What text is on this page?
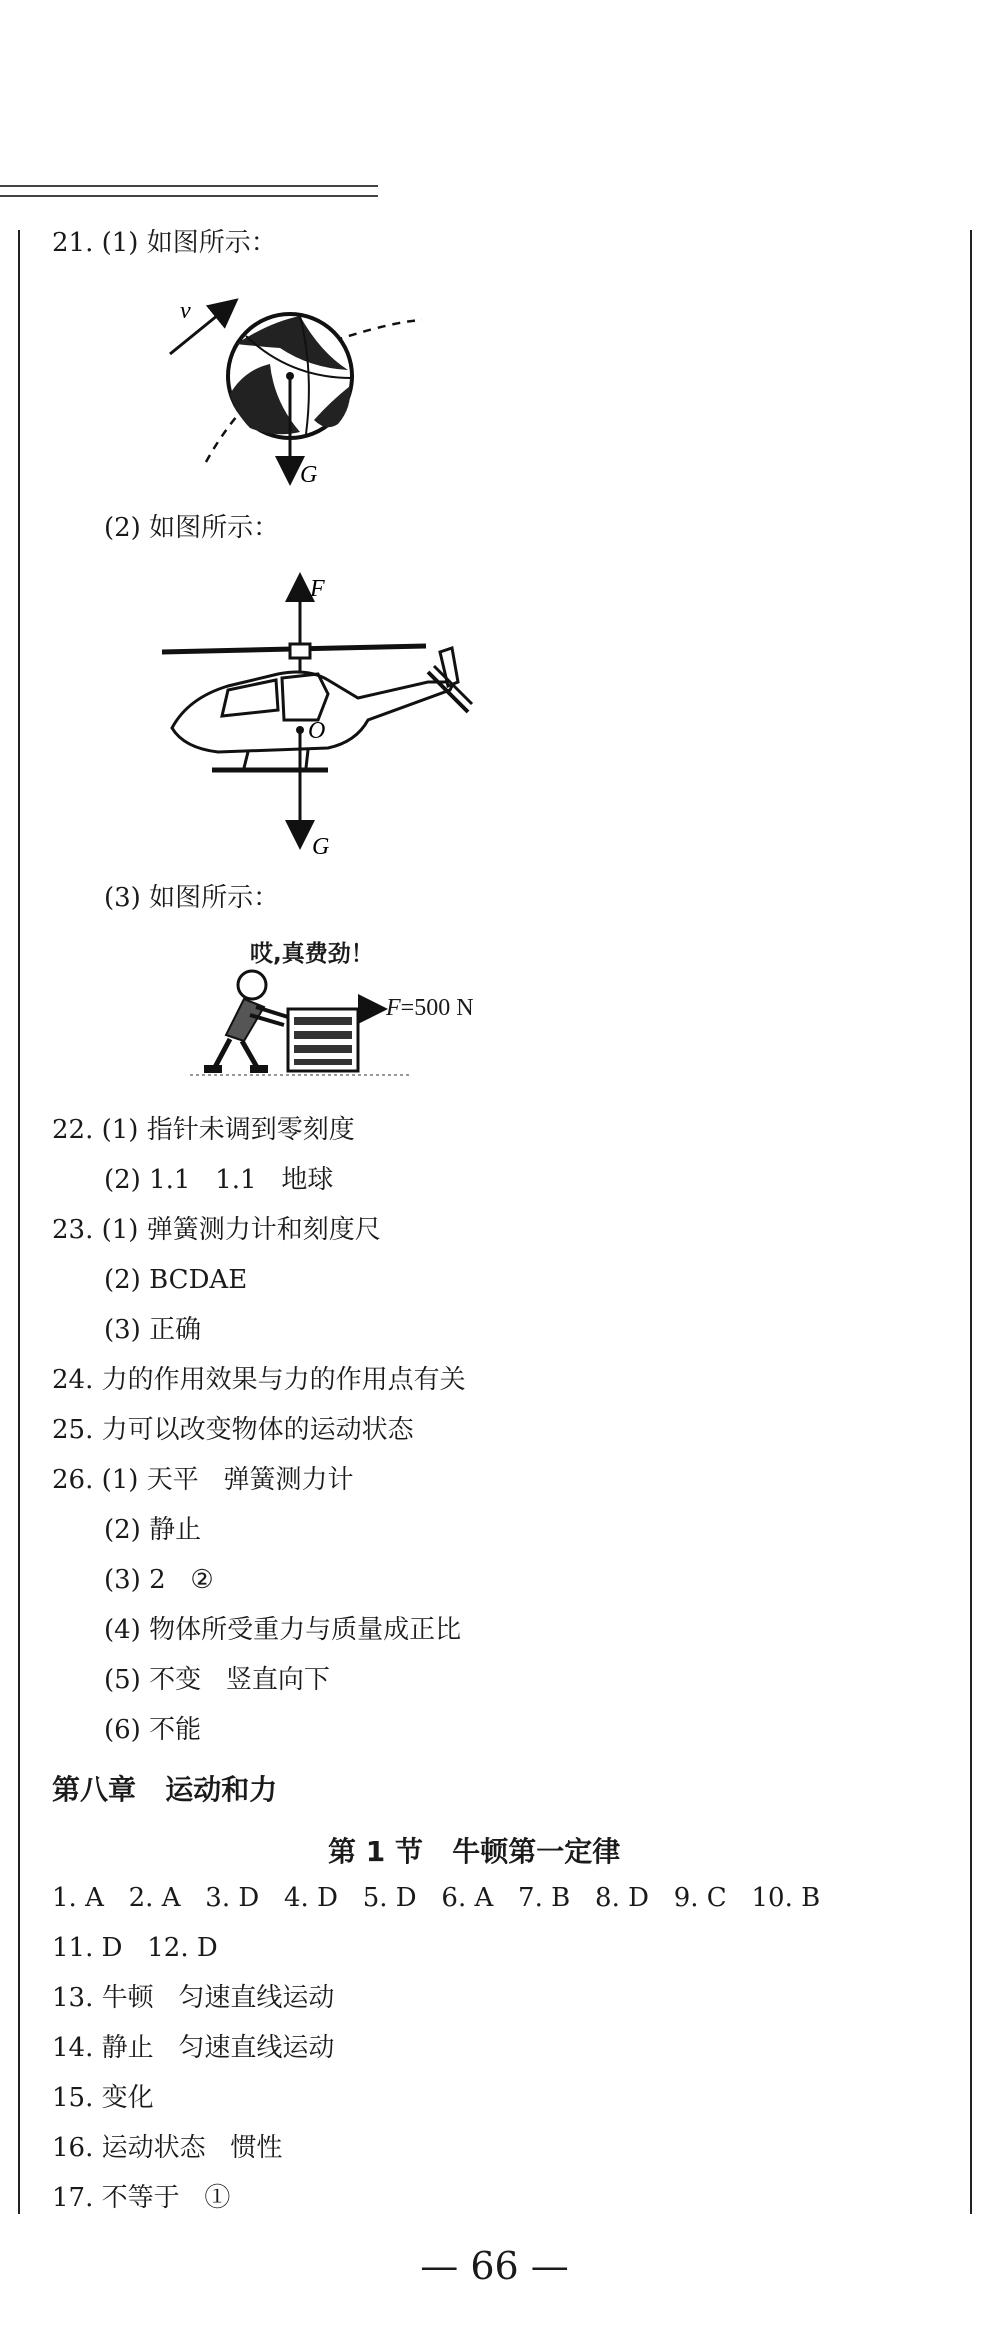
21. (1) 如图所示：
v
G
(2) 如图所示：
F
O
G
(3) 如图所示：
哎,真费劲！
F=500 N
22. (1) 指针未调到零刻度
(2) 1.1   1.1   地球
23. (1) 弹簧测力计和刻度尺
(2) BCDAE
(3) 正确
24. 力的作用效果与力的作用点有关
25. 力可以改变物体的运动状态
26. (1) 天平   弹簧测力计
(2) 静止
(3) 2   ②
(4) 物体所受重力与质量成正比
(5) 不变   竖直向下
(6) 不能
第八章   运动和力
第 1 节   牛顿第一定律
1. A   2. A   3. D   4. D   5. D   6. A   7. B   8. D   9. C   10. B
11. D   12. D
13. 牛顿   匀速直线运动
14. 静止   匀速直线运动
15. 变化
16. 运动状态   惯性
17. 不等于   ①
— 66 —
